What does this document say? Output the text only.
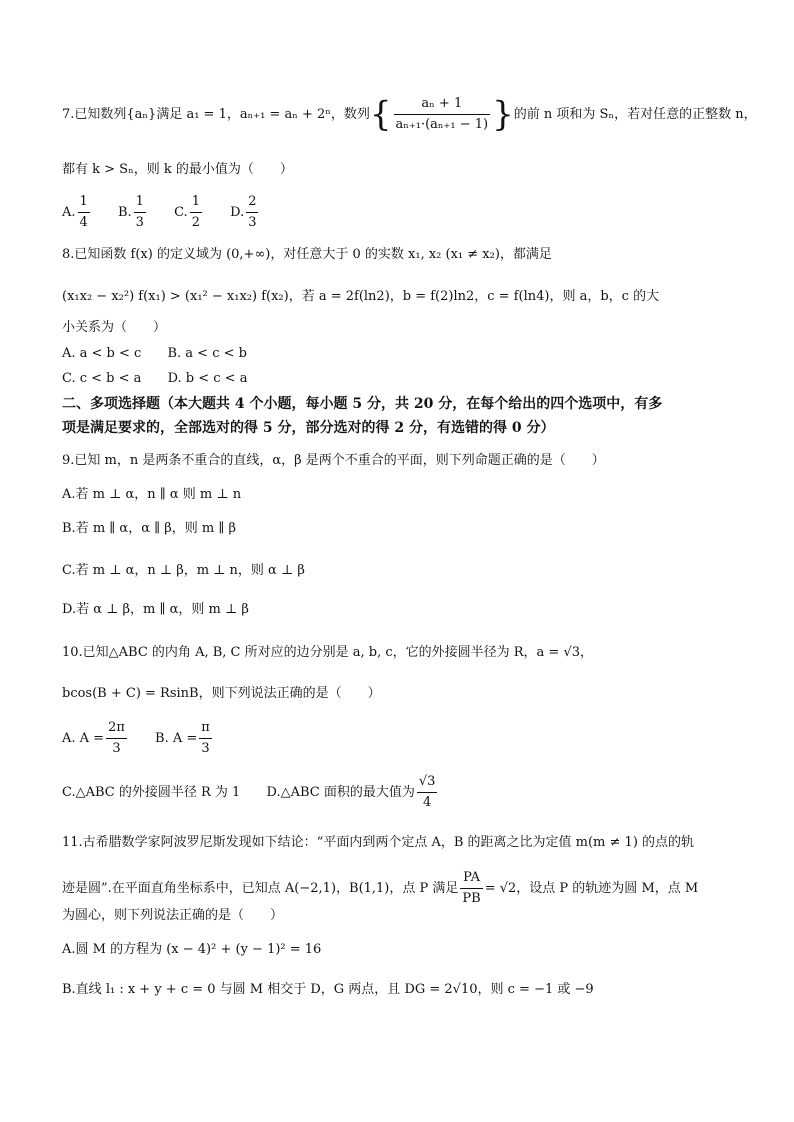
7.已知数列{aₙ}满足 a₁ = 1，aₙ₊₁ = aₙ + 2ⁿ，数列{ $\frac{\text{aₙ + 1}}{\text{aₙ₊₁·(aₙ₊₁ − 1)}}$ }的前 n 项和为 Sₙ，若对任意的正整数 n，
都有 k > Sₙ，则 k 的最小值为（　　）
A. $\frac{1}{4} B$. $\frac{1}{3} C$. $\frac{1}{2} D$. $\frac{2}{3}$
8.已知函数 f(x) 的定义域为 (0,+∞)，对任意大于 0 的实数 x₁, x₂ (x₁ ≠ x₂)，都满足
(x₁x₂ − x₂²) f(x₁) > (x₁² − x₁x₂) f(x₂)，若 a = 2f(ln2)，b = f(2)ln2，c = f(ln4)，则 a，b，c 的大
小关系为（　　）
A. a < b < c B. a < c < b
C. c < b < a D. b < c < a
二、多项选择题（本大题共 4 个小题，每小题 5 分，共 20 分，在每个给出的四个选项中，有多
项是满足要求的，全部选对的得 5 分，部分选对的得 2 分，有选错的得 0 分）
9.已知 m，n 是两条不重合的直线，α，β 是两个不重合的平面，则下列命题正确的是（　　）
A.若 m ⊥ α，n ∥ α 则 m ⊥ n
B.若 m ∥ α，α ∥ β，则 m ∥ β
C.若 m ⊥ α，n ⊥ β，m ⊥ n，则 α ⊥ β
D.若 α ⊥ β，m ∥ α，则 m ⊥ β
10.已知△ABC 的内角 A, B, C 所对应的边分别是 a, b, c，它的外接圆半径为 R，a = √3，
bcos(B + C) = RsinB，则下列说法正确的是（　　）
A. $A = \frac{2\pi}{3} B$. $A = \frac{\pi}{3}$
C.△ABC 的外接圆半径 R 为 1 D.△ABC 面积的最大值为 $\frac{√3}{4}$
11.古希腊数学家阿波罗尼斯发现如下结论：“平面内到两个定点 A，B 的距离之比为定值 m(m ≠ 1) 的点的轨
迹是圆”.在平面直角坐标系中，已知点 A(−2,1)，B(1,1)，点 P 满足 $\frac{PA}{PB} = √2$，设点 P 的轨迹为圆 M，点 M
为圆心，则下列说法正确的是（　　）
A.圆 M 的方程为 (x − 4)² + (y − 1)² = 16
B.直线 l₁ : x + y + c = 0 与圆 M 相交于 D，G 两点，且 DG = 2√10，则 c = −1 或 −9
